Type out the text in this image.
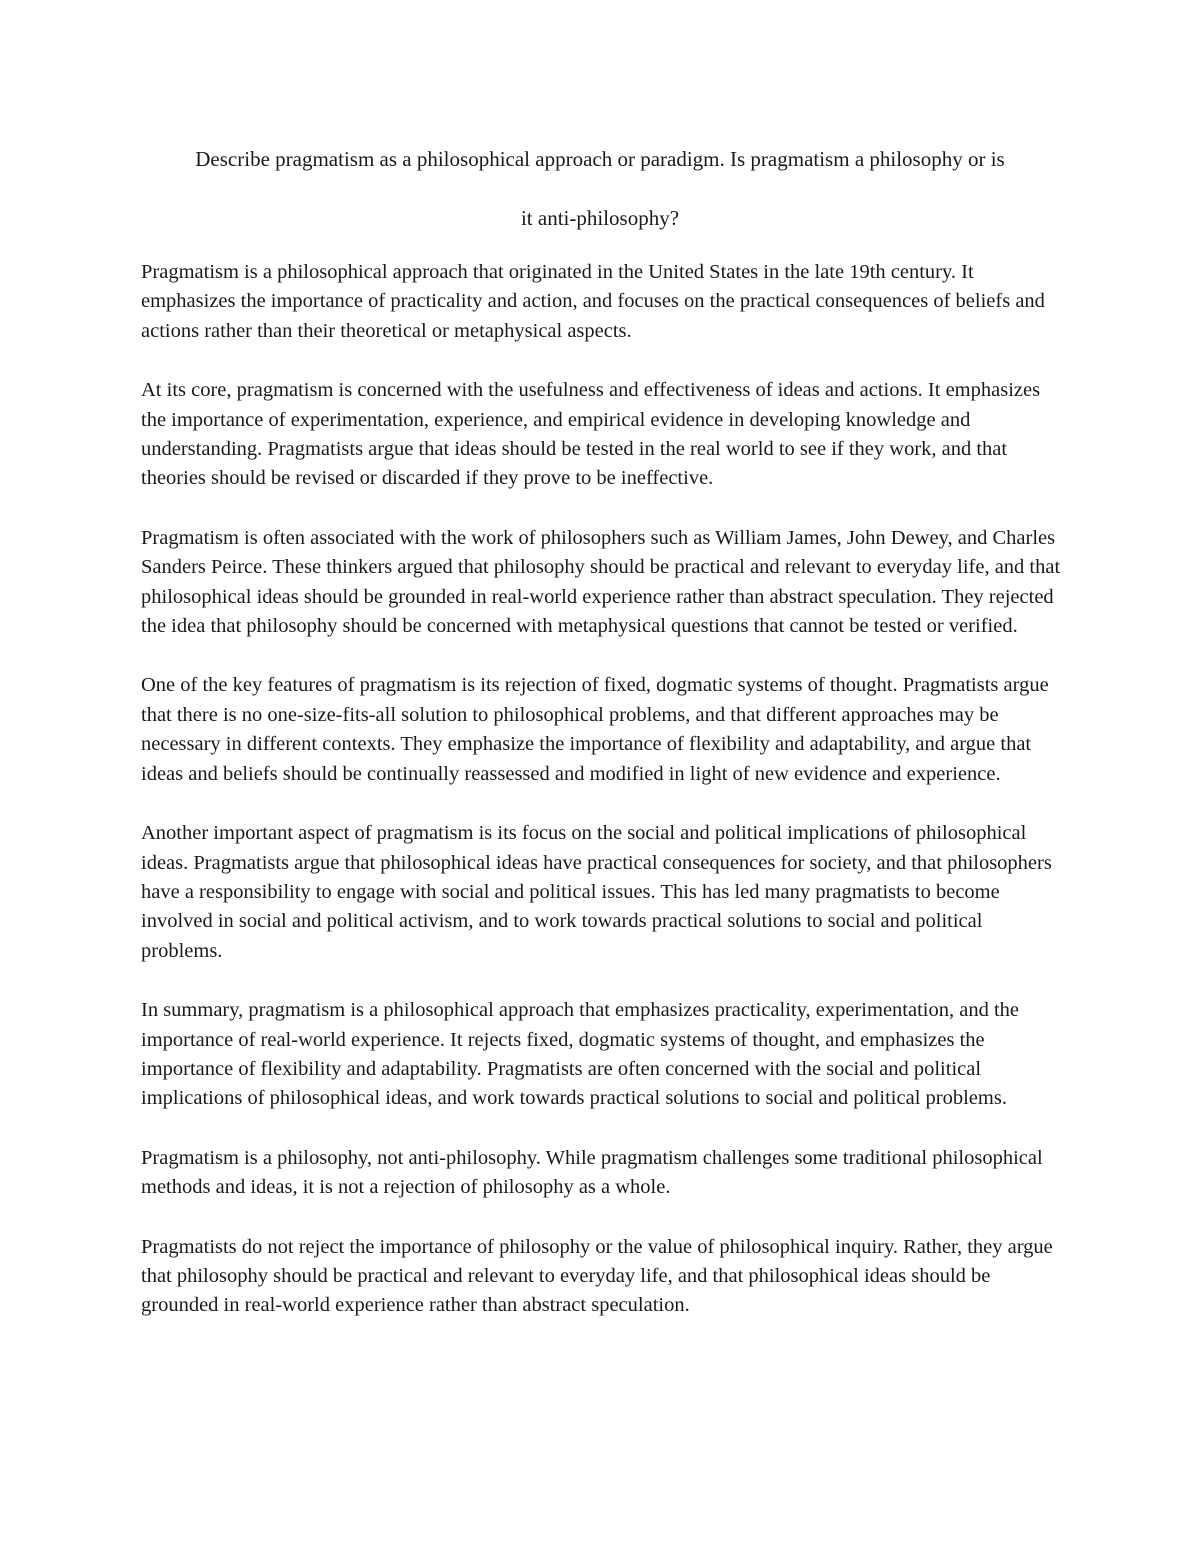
Describe pragmatism as a philosophical approach or paradigm. Is pragmatism a philosophy or is
it anti-philosophy?

Pragmatism is a philosophical approach that originated in the United States in the late 19th century. It emphasizes the importance of practicality and action, and focuses on the practical consequences of beliefs and actions rather than their theoretical or metaphysical aspects.

At its core, pragmatism is concerned with the usefulness and effectiveness of ideas and actions. It emphasizes the importance of experimentation, experience, and empirical evidence in developing knowledge and understanding. Pragmatists argue that ideas should be tested in the real world to see if they work, and that theories should be revised or discarded if they prove to be ineffective.

Pragmatism is often associated with the work of philosophers such as William James, John Dewey, and Charles Sanders Peirce. These thinkers argued that philosophy should be practical and relevant to everyday life, and that philosophical ideas should be grounded in real-world experience rather than abstract speculation. They rejected the idea that philosophy should be concerned with metaphysical questions that cannot be tested or verified.

One of the key features of pragmatism is its rejection of fixed, dogmatic systems of thought. Pragmatists argue that there is no one-size-fits-all solution to philosophical problems, and that different approaches may be necessary in different contexts. They emphasize the importance of flexibility and adaptability, and argue that ideas and beliefs should be continually reassessed and modified in light of new evidence and experience.

Another important aspect of pragmatism is its focus on the social and political implications of philosophical ideas. Pragmatists argue that philosophical ideas have practical consequences for society, and that philosophers have a responsibility to engage with social and political issues. This has led many pragmatists to become involved in social and political activism, and to work towards practical solutions to social and political problems.

In summary, pragmatism is a philosophical approach that emphasizes practicality, experimentation, and the importance of real-world experience. It rejects fixed, dogmatic systems of thought, and emphasizes the importance of flexibility and adaptability. Pragmatists are often concerned with the social and political implications of philosophical ideas, and work towards practical solutions to social and political problems.

Pragmatism is a philosophy, not anti-philosophy. While pragmatism challenges some traditional philosophical methods and ideas, it is not a rejection of philosophy as a whole.

Pragmatists do not reject the importance of philosophy or the value of philosophical inquiry. Rather, they argue that philosophy should be practical and relevant to everyday life, and that philosophical ideas should be grounded in real-world experience rather than abstract speculation.
